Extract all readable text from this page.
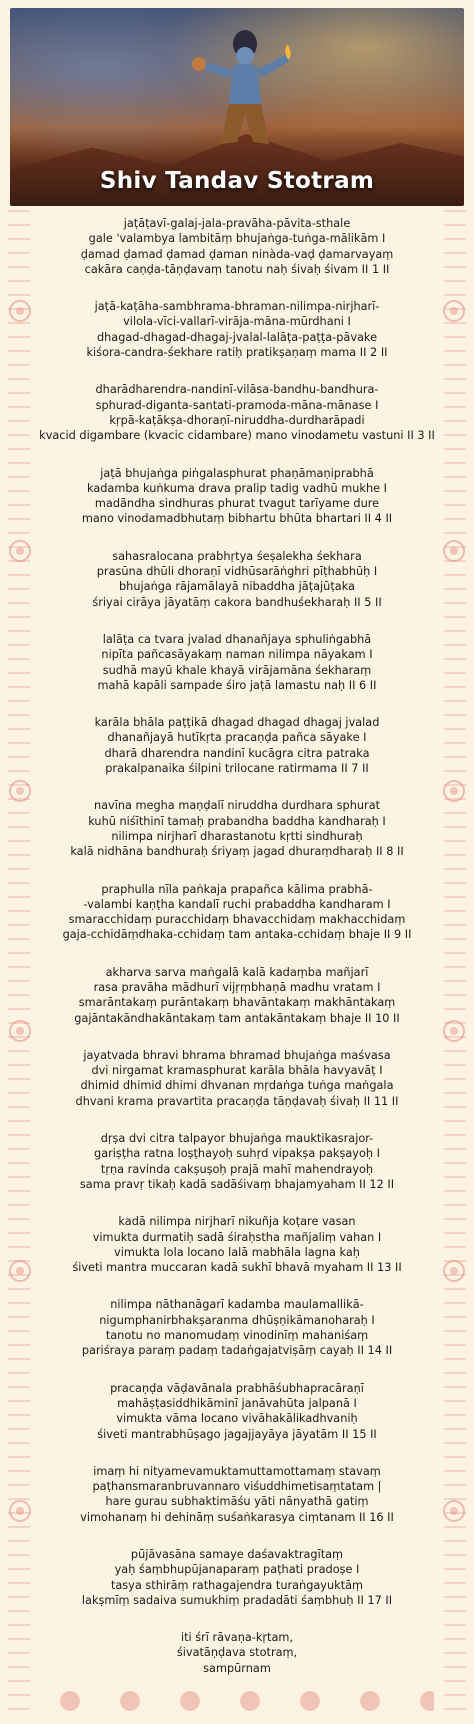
Shiv Tandav Stotram
jaṭāṭavī-galaj-jala-pravāha-pāvita-sthale
gale 'valambya lambitāṃ bhujaṅga-tuṅga-mālikām I
ḍamad ḍamad ḍamad ḍaman ninàda-vaḍ ḍamarvayaṃ
cakāra caṇḍa-tāṇḍavaṃ tanotu naḥ śivaḥ śivam II 1 II
jaṭā-kaṭāha-sambhrama-bhraman-nilimpa-nirjharī-
vilola-vīci-vallarī-virāja-māna-mūrdhani I
dhagad-dhagad-dhagaj-jvalal-lalāṭa-paṭṭa-pāvake
kiśora-candra-śekhare ratiḥ pratikṣaṇaṃ mama II 2 II
dharādharendra-nandinī-vilāsa-bandhu-bandhura-
sphurad-diganta-santati-pramoda-māna-mānase I
kṛpā-kaṭākṣa-dhoraṇī-niruddha-durdharāpadi
kvacid digambare (kvacic cidambare) mano vinodametu vastuni II 3 II
jaṭā bhujaṅga piṅgalasphurat phaṇāmaṇiprabhā
kadamba kuṅkuma drava pralip tadig vadhū mukhe I
madāndha sindhuras phurat tvagut tarīyame dure
mano vinodamadbhutaṃ bibhartu bhūta bhartari II 4 II
sahasralocana prabhṛtya śeṣalekha śekhara
prasūna dhūli dhoraṇī vidhūsarāṅghri pīṭhabhūḥ I
bhujaṅga rājamālayā nibaddha jāṭajūṭaka
śriyai cirāya jāyatāṃ cakora bandhuśekharaḥ II 5 II
lalāṭa ca tvara jvalad dhanañjaya sphuliṅgabhā
nipīta pañcasāyakaṃ naman nilimpa nāyakam I
sudhā mayū khale khayā virājamāna śekharaṃ
mahā kapāli sampade śiro jaṭā lamastu naḥ II 6 II
karāla bhāla paṭṭikā dhagad dhagad dhagaj jvalad
dhanañjayā hutīkṛta pracaṇḍa pañca sāyake I
dharā dharendra nandinī kucāgra citra patraka
prakalpanaika śilpini trilocane ratirmama II 7 II
navīna megha maṇḍalī niruddha durdhara sphurat
kuhū niśīthinī tamaḥ prabandha baddha kandharaḥ I
nilimpa nirjharī dharastanotu kṛtti sindhuraḥ
kalā nidhāna bandhuraḥ śriyaṃ jagad dhuraṃdharaḥ II 8 II
praphulla nīla paṅkaja prapañca kālima prabhā-
-valambi kaṇṭha kandalī ruchi prabaddha kandharam I
smaracchidaṃ puracchidaṃ bhavacchidaṃ makhacchidaṃ
gaja-cchidāṃdhaka-cchidaṃ tam antaka-cchidaṃ bhaje II 9 II
akharva sarva maṅgalā kalā kadaṃba mañjarī
rasa pravāha mādhurī vijṛṃbhaṇā madhu vratam I
smarāntakaṃ purāntakaṃ bhavāntakaṃ makhāntakaṃ
gajāntakāndhakāntakaṃ tam antakāntakaṃ bhaje II 10 II
jayatvada bhravi bhrama bhramad bhujaṅga maśvasa
dvi nirgamat kramasphurat karāla bhāla havyavāṭ I
dhimid dhimid dhimi dhvanan mṛdaṅga tuṅga maṅgala
dhvani krama pravartita pracaṇḍa tāṇḍavaḥ śivaḥ II 11 II
dṛṣa dvi citra talpayor bhujaṅga mauktikasrajor-
gariṣṭha ratna loṣṭhayoḥ suhṛd vipakṣa pakṣayoḥ I
tṛṇa ravinda cakṣuṣoḥ prajā mahī mahendrayoḥ
sama pravṛ tikaḥ kadā sadāśivaṃ bhajamyaham II 12 II
kadā nilimpa nirjharī nikuñja koṭare vasan
vimukta durmatiḥ sadā śiraḥstha mañjaliṃ vahan I
vimukta lola locano lalā mabhāla lagna kaḥ
śiveti mantra muccaran kadā sukhī bhavā myaham II 13 II
nilimpa nāthanāgarī kadamba maulamallikā-
nigumphanirbhakṣaranma dhūṣṇikāmanoharaḥ I
tanotu no manomudaṃ vinodinīṃ mahaniśaṃ
pariśraya paraṃ padaṃ tadaṅgajatviṣāṃ cayaḥ II 14 II
pracaṇḍa vāḍavānala prabhāśubhapracāraṇī
mahāṣṭasiddhikāminī janāvahūta jalpanā I
vimukta vāma locano vivāhakālikadhvaniḥ
śiveti mantrabhūṣago jagajjayāya jāyatām II 15 II
imaṃ hi nityamevamuktamuttamottamaṃ stavaṃ
paṭhansmaranbruvannaro viśuddhimetisaṃtatam |
hare gurau subhaktimāśu yāti nānyathā gatiṃ
vimohanaṃ hi dehināṃ suśaṅkarasya ciṃtanam II 16 II
pūjāvasāna samaye daśavaktragītaṃ
yaḥ śaṃbhupūjanaparaṃ paṭhati pradoṣe I
tasya sthirāṃ rathagajendra turaṅgayuktāṃ
lakṣmīṃ sadaiva sumukhiṃ pradadāti śaṃbhuḥ II 17 II
iti śrī rāvaṇa-kṛtam,
śivatāṇḍava stotraṃ,
sampūrnam
